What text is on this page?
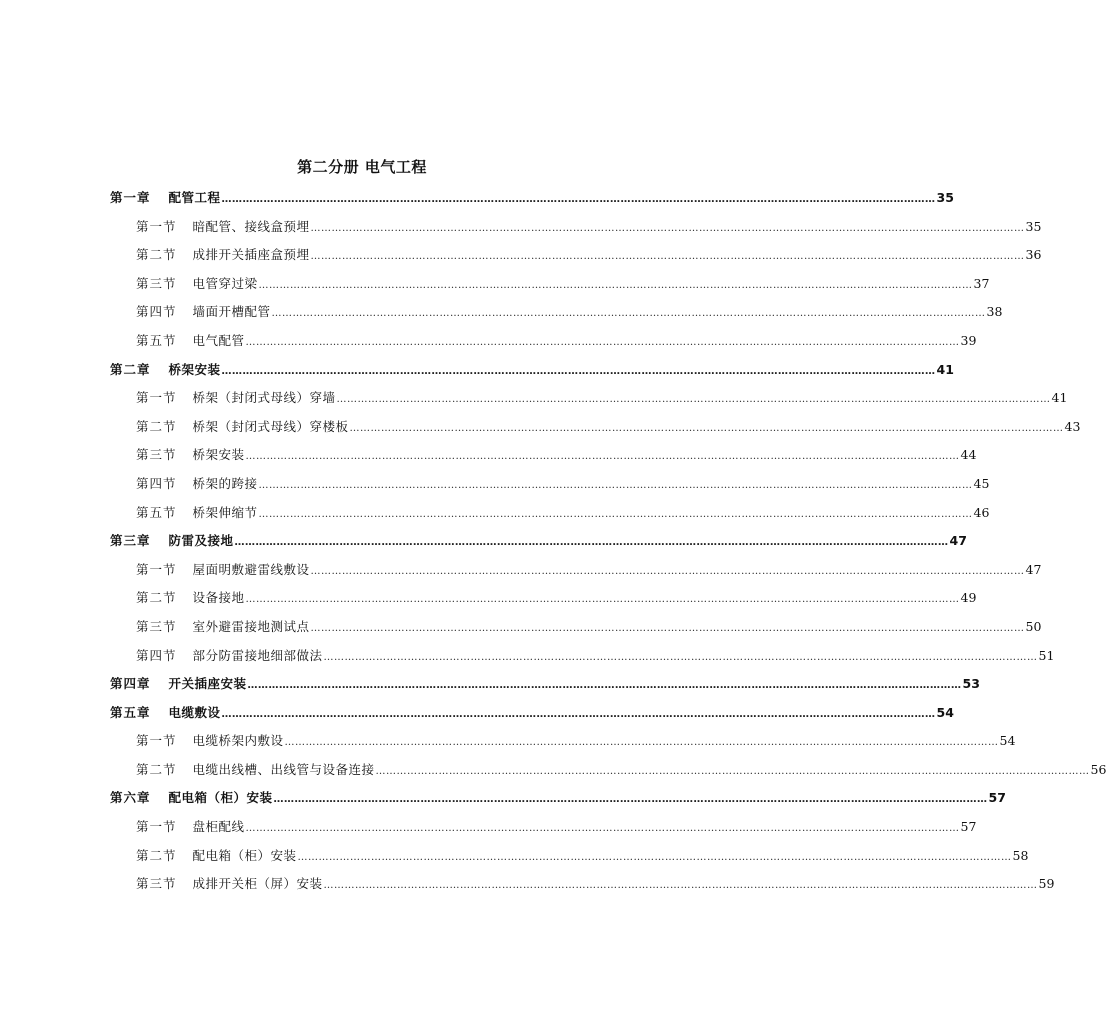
第二分册 电气工程
第一章 配管工程 …………………………………………………………………………………………………………………………………………………………………………………… 35
第一节 暗配管、接线盒预埋 …………………………………………………………………………………………………………………………………………………………………………………… 35
第二节 成排开关插座盒预埋 …………………………………………………………………………………………………………………………………………………………………………………… 36
第三节 电管穿过梁 …………………………………………………………………………………………………………………………………………………………………………………… 37
第四节 墙面开槽配管 …………………………………………………………………………………………………………………………………………………………………………………… 38
第五节 电气配管 …………………………………………………………………………………………………………………………………………………………………………………… 39
第二章 桥架安装 …………………………………………………………………………………………………………………………………………………………………………………… 41
第一节 桥架（封闭式母线）穿墙 …………………………………………………………………………………………………………………………………………………………………………………… 41
第二节 桥架（封闭式母线）穿楼板 …………………………………………………………………………………………………………………………………………………………………………………… 43
第三节 桥架安装 …………………………………………………………………………………………………………………………………………………………………………………… 44
第四节 桥架的跨接 …………………………………………………………………………………………………………………………………………………………………………………… 45
第五节 桥架伸缩节 …………………………………………………………………………………………………………………………………………………………………………………… 46
第三章 防雷及接地 …………………………………………………………………………………………………………………………………………………………………………………… 47
第一节 屋面明敷避雷线敷设 …………………………………………………………………………………………………………………………………………………………………………………… 47
第二节 设备接地 …………………………………………………………………………………………………………………………………………………………………………………… 49
第三节 室外避雷接地测试点 …………………………………………………………………………………………………………………………………………………………………………………… 50
第四节 部分防雷接地细部做法 …………………………………………………………………………………………………………………………………………………………………………………… 51
第四章 开关插座安装 …………………………………………………………………………………………………………………………………………………………………………………… 53
第五章 电缆敷设 …………………………………………………………………………………………………………………………………………………………………………………… 54
第一节 电缆桥架内敷设 …………………………………………………………………………………………………………………………………………………………………………………… 54
第二节 电缆出线槽、出线管与设备连接 …………………………………………………………………………………………………………………………………………………………………………………… 56
第六章 配电箱（柜）安装 …………………………………………………………………………………………………………………………………………………………………………………… 57
第一节 盘柜配线 …………………………………………………………………………………………………………………………………………………………………………………… 57
第二节 配电箱（柜）安装 …………………………………………………………………………………………………………………………………………………………………………………… 58
第三节 成排开关柜（屏）安装 …………………………………………………………………………………………………………………………………………………………………………………… 59
